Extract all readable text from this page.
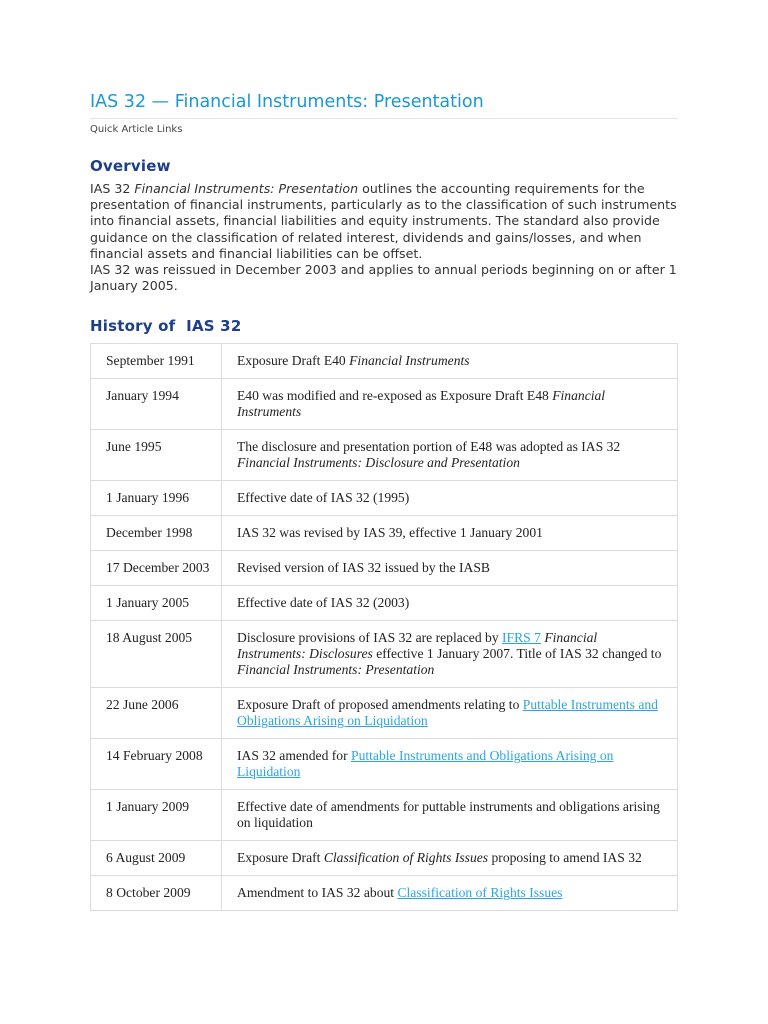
IAS 32 — Financial Instruments: Presentation
Quick Article Links
Overview

IAS 32 Financial Instruments: Presentation outlines the accounting requirements for the presentation of financial instruments, particularly as to the classification of such instruments into financial assets, financial liabilities and equity instruments. The standard also provide guidance on the classification of related interest, dividends and gains/losses, and when financial assets and financial liabilities can be offset.

IAS 32 was reissued in December 2003 and applies to annual periods beginning on or after 1 January 2005.

History of  IAS 32
September 1991	Exposure Draft E40 Financial Instruments
January 1994	E40 was modified and re-exposed as Exposure Draft E48 Financial Instruments
June 1995	The disclosure and presentation portion of E48 was adopted as IAS 32 Financial Instruments: Disclosure and Presentation
1 January 1996	Effective date of IAS 32 (1995)
December 1998	IAS 32 was revised by IAS 39, effective 1 January 2001
17 December 2003	Revised version of IAS 32 issued by the IASB
1 January 2005	Effective date of IAS 32 (2003)
18 August 2005	Disclosure provisions of IAS 32 are replaced by IFRS 7 Financial Instruments: Disclosures effective 1 January 2007. Title of IAS 32 changed to Financial Instruments: Presentation
22 June 2006	Exposure Draft of proposed amendments relating to Puttable Instruments and Obligations Arising on Liquidation
14 February 2008	IAS 32 amended for Puttable Instruments and Obligations Arising on Liquidation
1 January 2009	Effective date of amendments for puttable instruments and obligations arising on liquidation
6 August 2009	Exposure Draft Classification of Rights Issues proposing to amend IAS 32
8 October 2009	Amendment to IAS 32 about Classification of Rights Issues
